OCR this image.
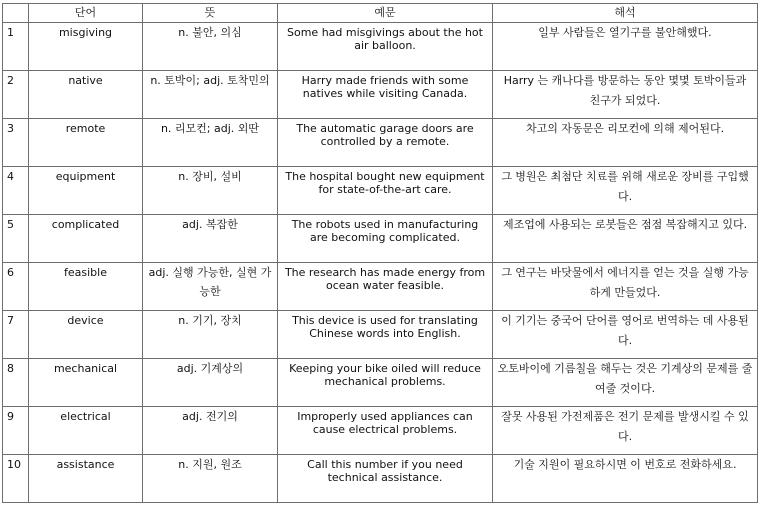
	단어	뜻	예문	해석
1	misgiving	n. 불안, 의심	Some had misgivings about the hot air balloon.	일부 사람들은 열기구를 불안해했다.
2	native	n. 토박이; adj. 토착민의	Harry made friends with some natives while visiting Canada.	Harry 는 캐나다를 방문하는 동안 몇몇 토박이들과 친구가 되었다.
3	remote	n. 리모컨; adj. 외딴	The automatic garage doors are controlled by a remote.	차고의 자동문은 리모컨에 의해 제어된다.
4	equipment	n. 장비, 설비	The hospital bought new equipment for state-of-the-art care.	그 병원은 최첨단 치료를 위해 새로운 장비를 구입했다.
5	complicated	adj. 복잡한	The robots used in manufacturing are becoming complicated.	제조업에 사용되는 로봇들은 점점 복잡해지고 있다.
6	feasible	adj. 실행 가능한, 실현 가능한	The research has made energy from ocean water feasible.	그 연구는 바닷물에서 에너지를 얻는 것을 실행 가능하게 만들었다.
7	device	n. 기기, 장치	This device is used for translating Chinese words into English.	이 기기는 중국어 단어를 영어로 번역하는 데 사용된다.
8	mechanical	adj. 기계상의	Keeping your bike oiled will reduce mechanical problems.	오토바이에 기름칠을 해두는 것은 기계상의 문제를 줄여줄 것이다.
9	electrical	adj. 전기의	Improperly used appliances can cause electrical problems.	잘못 사용된 가전제품은 전기 문제를 발생시킬 수 있다.
10	assistance	n. 지원, 원조	Call this number if you need technical assistance.	기술 지원이 필요하시면 이 번호로 전화하세요.
